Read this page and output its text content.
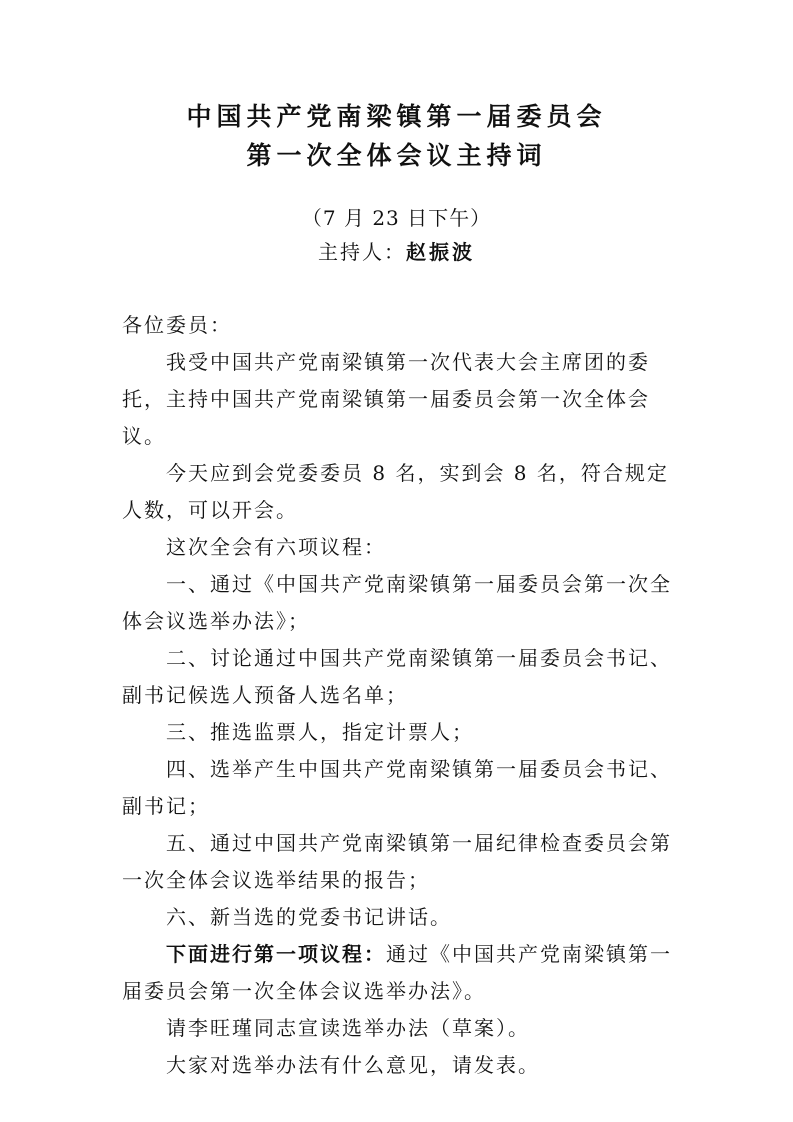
中国共产党南梁镇第一届委员会
第一次全体会议主持词
（7 月 23 日下午）
主持人：赵振波

各位委员：

我受中国共产党南梁镇第一次代表大会主席团的委托，主持中国共产党南梁镇第一届委员会第一次全体会议。

今天应到会党委委员 8 名，实到会 8 名，符合规定人数，可以开会。

这次全会有六项议程：

一、通过《中国共产党南梁镇第一届委员会第一次全体会议选举办法》；

二、讨论通过中国共产党南梁镇第一届委员会书记、副书记候选人预备人选名单；

三、推选监票人，指定计票人；

四、选举产生中国共产党南梁镇第一届委员会书记、副书记；

五、通过中国共产党南梁镇第一届纪律检查委员会第一次全体会议选举结果的报告；

六、新当选的党委书记讲话。

下面进行第一项议程：通过《中国共产党南梁镇第一届委员会第一次全体会议选举办法》。

请李旺瑾同志宣读选举办法（草案）。

大家对选举办法有什么意见，请发表。
